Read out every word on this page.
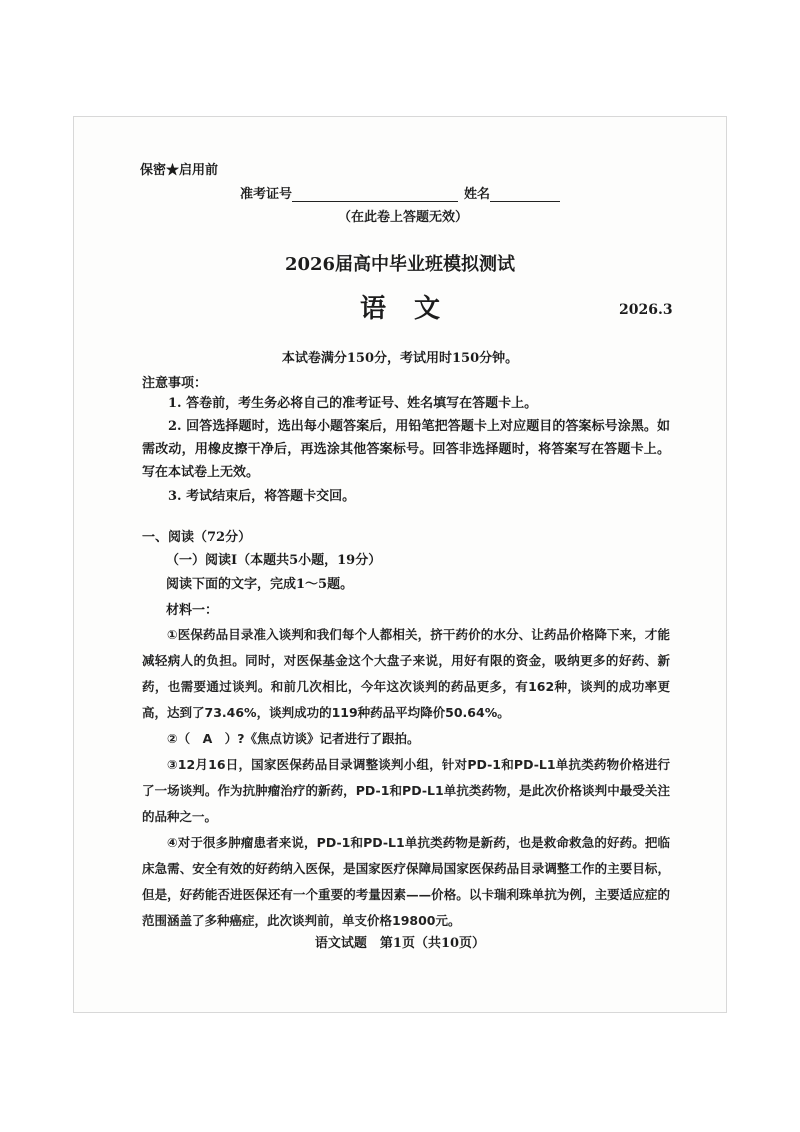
保密★启用前
准考证号	姓名
（在此卷上答题无效）
2026届高中毕业班模拟测试
语文	2026.3
本试卷满分150分，考试用时150分钟。
注意事项：
1. 答卷前，考生务必将自己的准考证号、姓名填写在答题卡上。
2. 回答选择题时，选出每小题答案后，用铅笔把答题卡上对应题目的答案标号涂黑。如需改动，用橡皮擦干净后，再选涂其他答案标号。回答非选择题时，将答案写在答题卡上。写在本试卷上无效。
3. 考试结束后，将答题卡交回。
一、阅读（72分）
（一）阅读Ⅰ（本题共5小题，19分）
阅读下面的文字，完成1～5题。
材料一：
①医保药品目录准入谈判和我们每个人都相关，挤干药价的水分、让药品价格降下来，才能减轻病人的负担。同时，对医保基金这个大盘子来说，用好有限的资金，吸纳更多的好药、新药，也需要通过谈判。和前几次相比，今年这次谈判的药品更多，有162种，谈判的成功率更高，达到了73.46%，谈判成功的119种药品平均降价50.64%。
②（　A　）?《焦点访谈》记者进行了跟拍。
③12月16日，国家医保药品目录调整谈判小组，针对PD-1和PD-L1单抗类药物价格进行了一场谈判。作为抗肿瘤治疗的新药，PD-1和PD-L1单抗类药物，是此次价格谈判中最受关注的品种之一。
④对于很多肿瘤患者来说，PD-1和PD-L1单抗类药物是新药，也是救命救急的好药。把临床急需、安全有效的好药纳入医保，是国家医疗保障局国家医保药品目录调整工作的主要目标，但是，好药能否进医保还有一个重要的考量因素——价格。以卡瑞利珠单抗为例，主要适应症的范围涵盖了多种癌症，此次谈判前，单支价格19800元。
语文试题　第1页（共10页）
